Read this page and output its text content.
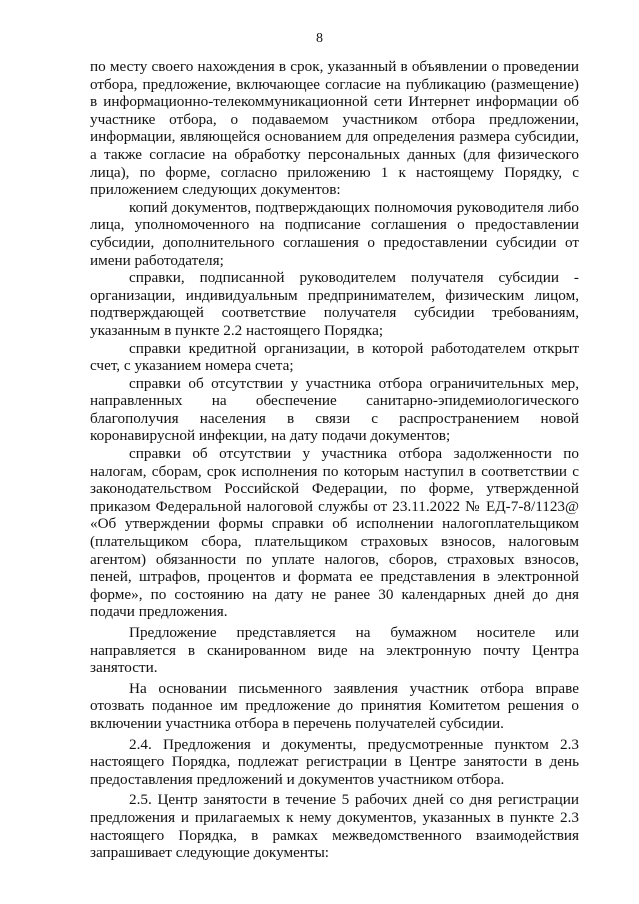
8

по месту своего нахождения в срок, указанный в объявлении о проведении отбора, предложение, включающее согласие на публикацию (размещение) в информационно-телекоммуникационной сети Интернет информации об участнике отбора, о подаваемом участником отбора предложении, информации, являющейся основанием для определения размера субсидии, а также согласие на обработку персональных данных (для физического лица), по форме, согласно приложению 1 к настоящему Порядку, с приложением следующих документов:

копий документов, подтверждающих полномочия руководителя либо лица, уполномоченного на подписание соглашения о предоставлении субсидии, дополнительного соглашения о предоставлении субсидии от имени работодателя;

справки, подписанной руководителем получателя субсидии - организации, индивидуальным предпринимателем, физическим лицом, подтверждающей соответствие получателя субсидии требованиям, указанным в пункте 2.2 настоящего Порядка;

справки кредитной организации, в которой работодателем открыт счет, с указанием номера счета;

справки об отсутствии у участника отбора ограничительных мер, направленных на обеспечение санитарно-эпидемиологического благополучия населения в связи с распространением новой коронавирусной инфекции, на дату подачи документов;

справки об отсутствии у участника отбора задолженности по налогам, сборам, срок исполнения по которым наступил в соответствии с законодательством Российской Федерации, по форме, утвержденной приказом Федеральной налоговой службы от 23.11.2022 № ЕД-7-8/1123@ «Об утверждении формы справки об исполнении налогоплательщиком (плательщиком сбора, плательщиком страховых взносов, налоговым агентом) обязанности по уплате налогов, сборов, страховых взносов, пеней, штрафов, процентов и формата ее представления в электронной форме», по состоянию на дату не ранее 30 календарных дней до дня подачи предложения.

Предложение представляется на бумажном носителе или направляется в сканированном виде на электронную почту Центра занятости.

На основании письменного заявления участник отбора вправе отозвать поданное им предложение до принятия Комитетом решения о включении участника отбора в перечень получателей субсидии.

2.4. Предложения и документы, предусмотренные пунктом 2.3 настоящего Порядка, подлежат регистрации в Центре занятости в день предоставления предложений и документов участником отбора.

2.5. Центр занятости в течение 5 рабочих дней со дня регистрации предложения и прилагаемых к нему документов, указанных в пункте 2.3 настоящего Порядка, в рамках межведомственного взаимодействия запрашивает следующие документы:
